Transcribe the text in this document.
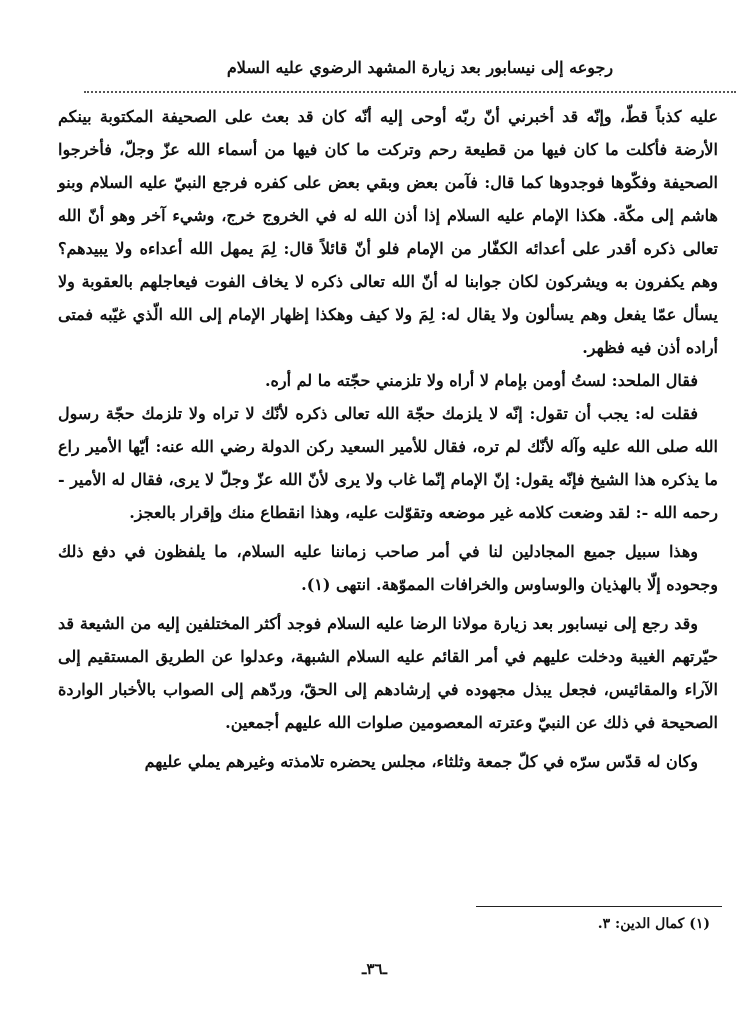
رجوعه إلى نيسابور بعد زيارة المشهد الرضوي عليه السلام

عليه كذباً قطّ، وإنّه قد أخبرني أنّ ربّه أوحى إليه أنّه كان قد بعث على الصحيفة المكتوبة بينكم الأرضة فأكلت ما كان فيها من قطيعة رحم وتركت ما كان فيها من أسماء الله عزّ وجلّ، فأخرجوا الصحيفة وفكّوها فوجدوها كما قال: فآمن بعض وبقي بعض على كفره فرجع النبيّ عليه السلام وبنو هاشم إلى مكّة. هكذا الإمام عليه السلام إذا أذن الله له في الخروج خرج، وشيء آخر وهو أنّ الله تعالى ذكره أقدر على أعدائه الكفّار من الإمام فلو أنّ قائلاً قال: لِمَ يمهل الله أعداءه ولا يبيدهم؟ وهم يكفرون به ويشركون لكان جوابنا له أنّ الله تعالى ذكره لا يخاف الفوت فيعاجلهم بالعقوبة ولا يسأل عمّا يفعل وهم يسألون ولا يقال له: لِمَ ولا كيف وهكذا إظهار الإمام إلى الله الّذي غيّبه فمتى أراده أذن فيه فظهر.

فقال الملحد: لستُ أومن بإمام لا أراه ولا تلزمني حجّته ما لم أره.

فقلت له: يجب أن تقول: إنّه لا يلزمك حجّة الله تعالى ذكره لأنّك لا تراه ولا تلزمك حجّة رسول الله صلى الله عليه وآله لأنّك لم تره، فقال للأمير السعيد ركن الدولة رضي الله عنه: أيّها الأمير راع ما يذكره هذا الشيخ فإنّه يقول: إنّ الإمام إنّما غاب ولا يرى لأنّ الله عزّ وجلّ لا يرى، فقال له الأمير - رحمه الله -: لقد وضعت كلامه غير موضعه وتقوّلت عليه، وهذا انقطاع منك وإقرار بالعجز.

وهذا سبيل جميع المجادلين لنا في أمر صاحب زماننا عليه السلام، ما يلفظون في دفع ذلك وجحوده إلّا بالهذيان والوساوس والخرافات المموّهة. انتهى (١).

وقد رجع إلى نيسابور بعد زيارة مولانا الرضا عليه السلام فوجد أكثر المختلفين إليه من الشيعة قد حيّرتهم الغيبة ودخلت عليهم في أمر القائم عليه السلام الشبهة، وعدلوا عن الطريق المستقيم إلى الآراء والمقائيس، فجعل يبذل مجهوده في إرشادهم إلى الحقّ، وردّهم إلى الصواب بالأخبار الواردة الصحيحة في ذلك عن النبيّ وعترته المعصومين صلوات الله عليهم أجمعين.

وكان له قدّس سرّه في كلّ جمعة وثلثاء، مجلس يحضره تلامذته وغيرهم يملي عليهم

(١) كمال الدين: ٣.
ـ٣٦ـ
